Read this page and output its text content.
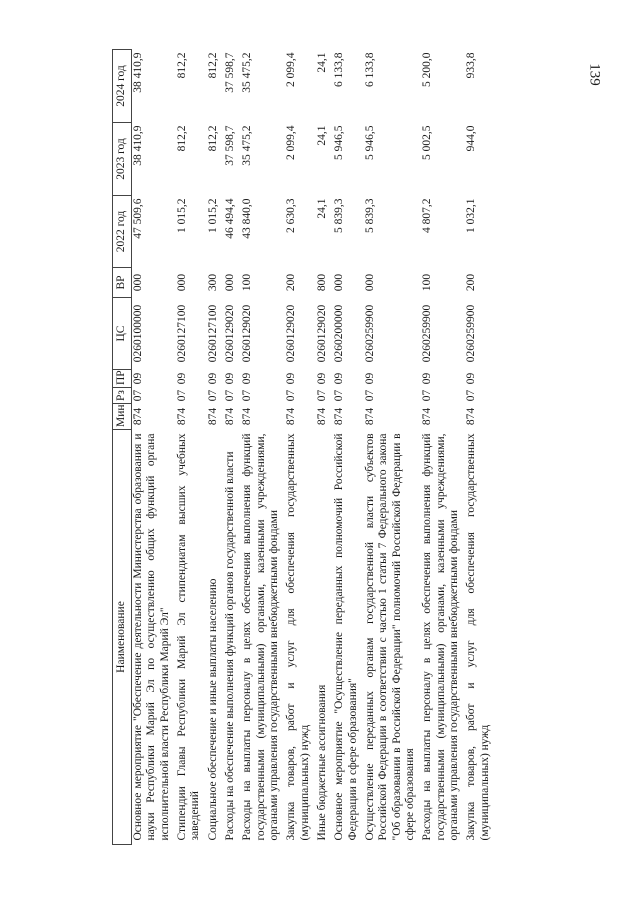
139
Наименование	Мин	Рз	ПР	ЦС	ВР	2022 год	2023 год	2024 год
Основное мероприятие "Обеспечение деятельности Министерства образования и науки Республики Марий Эл по осуществлению общих функций органа исполнительной власти Республики Марий Эл"	874	07	09	0260100000	000	47 509,6	38 410,9	38 410,9
Стипендии Главы Республики Марий Эл стипендиатам высших учебных заведений	874	07	09	0260127100	000	1 015,2	812,2	812,2
Социальное обеспечение и иные выплаты населению	874	07	09	0260127100	300	1 015,2	812,2	812,2
Расходы на обеспечение выполнения функций органов государственной власти	874	07	09	0260129020	000	46 494,4	37 598,7	37 598,7
Расходы на выплаты персоналу в целях обеспечения выполнения функций государственными (муниципальными) органами, казенными учреждениями, органами управления государственными внебюджетными фондами	874	07	09	0260129020	100	43 840,0	35 475,2	35 475,2
Закупка товаров, работ и услуг для обеспечения государственных (муниципальных) нужд	874	07	09	0260129020	200	2 630,3	2 099,4	2 099,4
Иные бюджетные ассигнования	874	07	09	0260129020	800	24,1	24,1	24,1
Основное мероприятие "Осуществление переданных полномочий Российской Федерации в сфере образования"	874	07	09	0260200000	000	5 839,3	5 946,5	6 133,8
Осуществление переданных органам государственной власти субъектов Российской Федерации в соответствии с частью 1 статьи 7 Федерального закона "Об образовании в Российской Федерации" полномочий Российской Федерации в сфере образования	874	07	09	0260259900	000	5 839,3	5 946,5	6 133,8
Расходы на выплаты персоналу в целях обеспечения выполнения функций государственными (муниципальными) органами, казенными учреждениями, органами управления государственными внебюджетными фондами	874	07	09	0260259900	100	4 807,2	5 002,5	5 200,0
Закупка товаров, работ и услуг для обеспечения государственных (муниципальных) нужд	874	07	09	0260259900	200	1 032,1	944,0	933,8
